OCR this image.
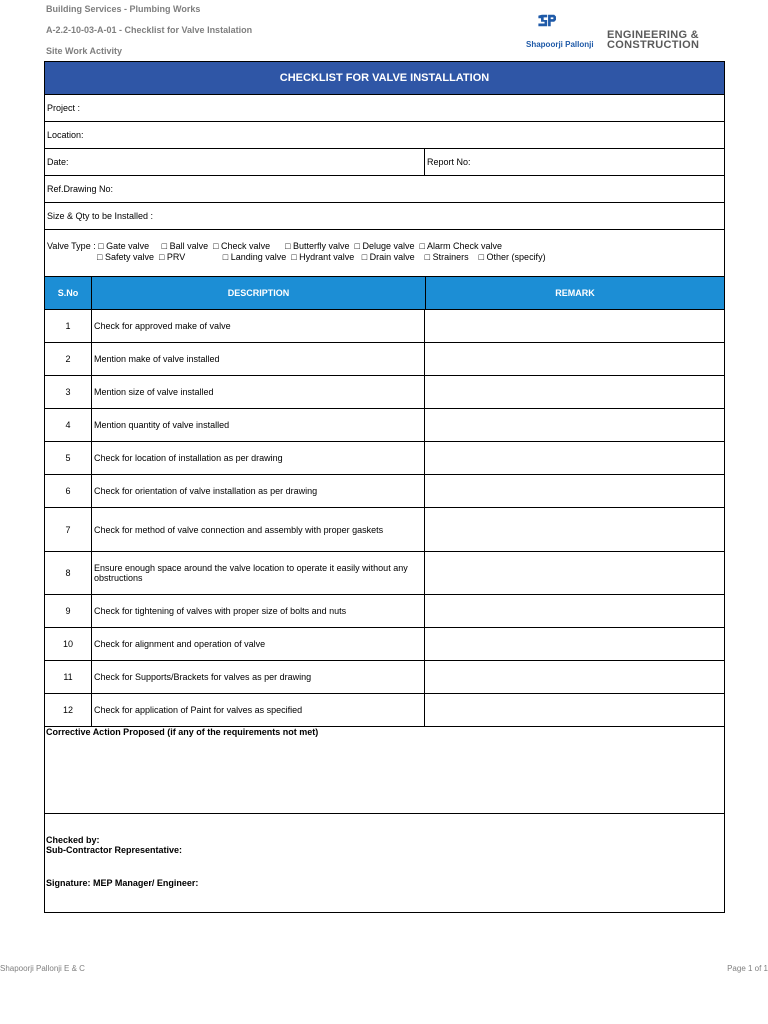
Building Services - Plumbing Works
A-2.2-10-03-A-01 - Checklist for Valve Instalation
Site Work Activity
Shapoorji Pallonji
ENGINEERING &
CONSTRUCTION
CHECKLIST FOR VALVE INSTALLATION
Project :
Location:
Date:	Report No:
Ref.Drawing No:
Size & Qty to be Installed :
Valve Type : □ Gate valve     □ Ball valve  □ Check valve      □ Butterfly valve  □ Deluge valve  □ Alarm Check valve
□ Safety valve  □ PRV               □ Landing valve  □ Hydrant valve   □ Drain valve    □ Strainers    □ Other (specify)
S.No	DESCRIPTION	REMARK
1	Check for approved make of valve
2	Mention make of valve installed
3	Mention size of valve installed
4	Mention quantity of valve installed
5	Check for location of installation as per drawing
6	Check for orientation of valve installation as per drawing
7	Check for method of valve connection and assembly with proper gaskets
8	Ensure enough space around the valve location to operate it easily without any obstructions
9	Check for tightening of valves with proper size of bolts and nuts
10	Check for alignment and operation of valve
11	Check for Supports/Brackets for valves as per drawing
12	Check for application of Paint for valves as specified
Corrective Action Proposed (if any of the requirements not met)
Checked by:
Sub-Contractor Representative:
Signature: MEP Manager/ Engineer:
Shapoorji Pallonji E & C	Page 1 of 1
